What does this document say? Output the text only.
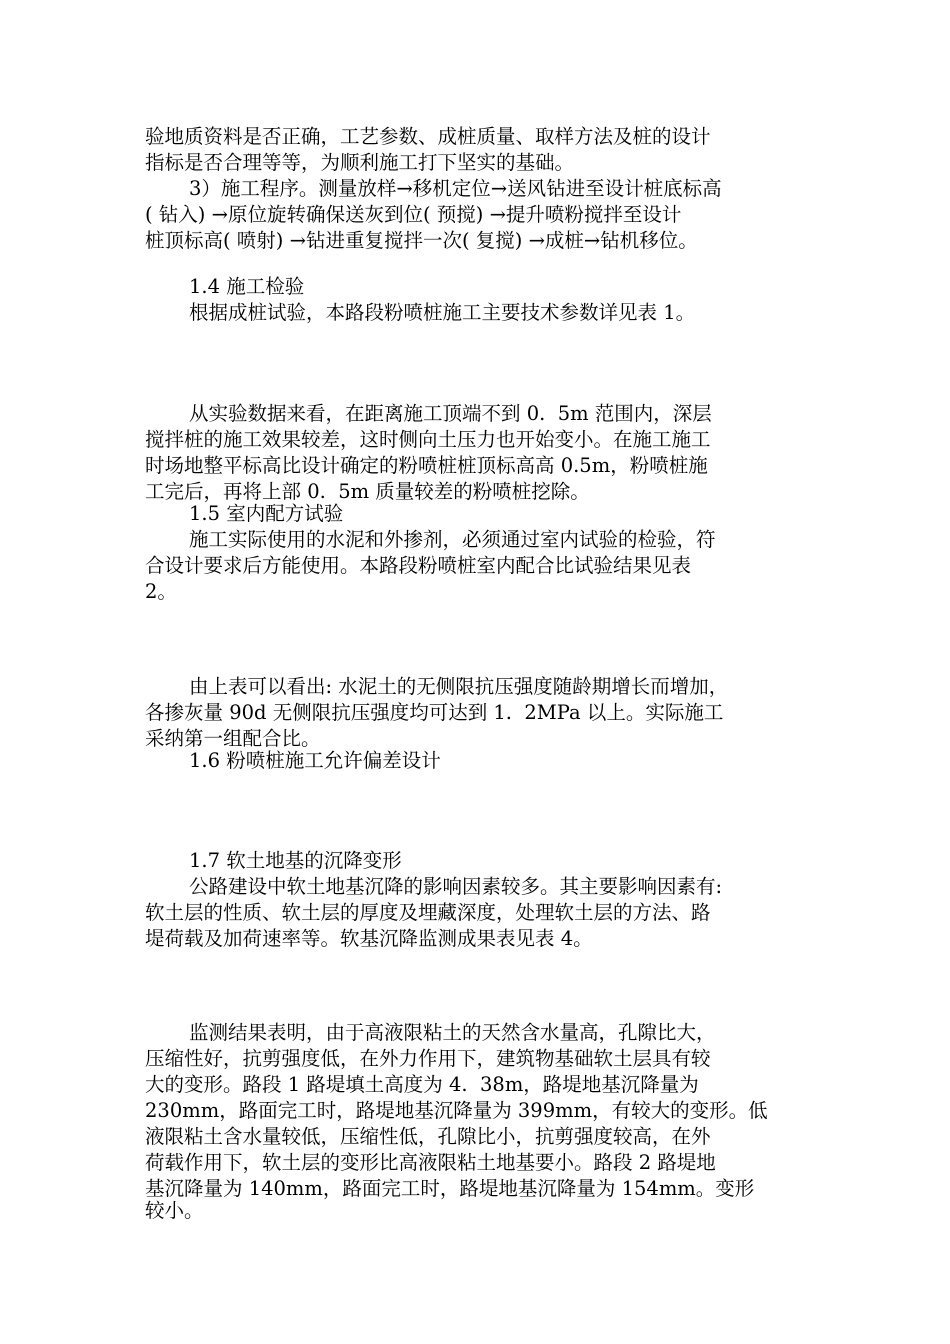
验地质资料是否正确，工艺参数、成桩质量、取样方法及桩的设计

指标是否合理等等，为顺利施工打下坚实的基础。

3）施工程序。测量放样→移机定位→送风钻进至设计桩底标高

( 钻入) →原位旋转确保送灰到位( 预搅) →提升喷粉搅拌至设计

桩顶标高( 喷射) →钻进重复搅拌一次( 复搅) →成桩→钻机移位。

1.4 施工检验

根据成桩试验，本路段粉喷桩施工主要技术参数详见表 1。

从实验数据来看，在距离施工顶端不到 0.  5m 范围内，深层

搅拌桩的施工效果较差，这时侧向土压力也开始变小。在施工施工

时场地整平标高比设计确定的粉喷桩桩顶标高高 0.5m，粉喷桩施

工完后，再将上部 0.  5m 质量较差的粉喷桩挖除。

1.5 室内配方试验

施工实际使用的水泥和外掺剂，必须通过室内试验的检验，符

合设计要求后方能使用。本路段粉喷桩室内配合比试验结果见表

2。

由上表可以看出: 水泥土的无侧限抗压强度随龄期增长而增加，

各掺灰量 90d 无侧限抗压强度均可达到 1.  2MPa 以上。实际施工

采纳第一组配合比。

1.6 粉喷桩施工允许偏差设计

1.7 软土地基的沉降变形

公路建设中软土地基沉降的影响因素较多。其主要影响因素有:

软土层的性质、软土层的厚度及埋藏深度，处理软土层的方法、路

堤荷载及加荷速率等。软基沉降监测成果表见表 4。

监测结果表明，由于高液限粘土的天然含水量高，孔隙比大，

压缩性好，抗剪强度低，在外力作用下，建筑物基础软土层具有较

大的变形。路段 1 路堤填土高度为 4.  38m，路堤地基沉降量为

230mm，路面完工时，路堤地基沉降量为 399mm，有较大的变形。低

液限粘土含水量较低，压缩性低，孔隙比小，抗剪强度较高，在外

荷载作用下，软土层的变形比高液限粘土地基要小。路段 2 路堤地

基沉降量为 140mm，路面完工时，路堤地基沉降量为 154mm。变形

较小。
